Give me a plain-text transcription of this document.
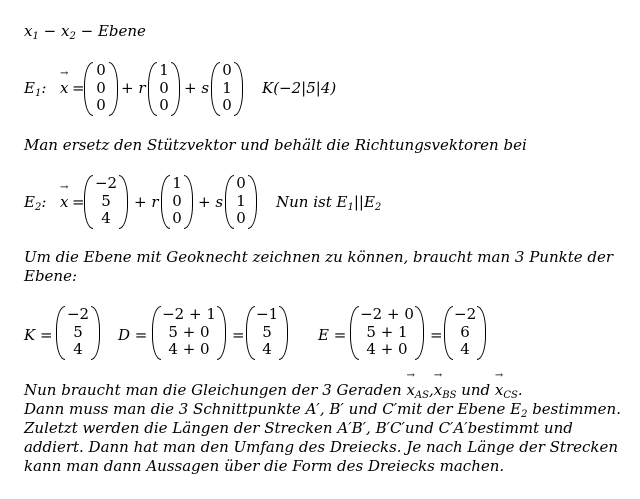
$x_1 - x_2$ − Ebene
$E_1$: → x =
0
0
0
+ r
1
0
0
+ s
0
1
0
K(−2|5|4)
Man ersetz den Stützvektor und behält die Richtungsvektoren bei
$E_2$: → x =
−2
5
4
+ r
1
0
0
+ s
0
1
0
Nun ist $E_1||E_2$
Um die Ebene mit Geoknecht zeichnen zu können, braucht man 3 Punkte der Ebene:
K =
−2
5
4
D =
−2 + 1
5 + 0
4 + 0
=
−1
5
4
E =
−2 + 0
5 + 1
4 + 0
=
−2
6
4
Nun braucht man die Gleichungen der 3 Geraden → $x_{AS},\to x_{BS}$ und → $x_{CS}$.
Dann muss man die 3 Schnittpunkte A′, B′ und C′mit der Ebene $E_2$ bestimmen.
Zuletzt werden die Längen der Strecken A′B′, B′C′und C′A′bestimmt und
addiert. Dann hat man den Umfang des Dreiecks. Je nach Länge der Strecken
kann man dann Aussagen über die Form des Dreiecks machen.
